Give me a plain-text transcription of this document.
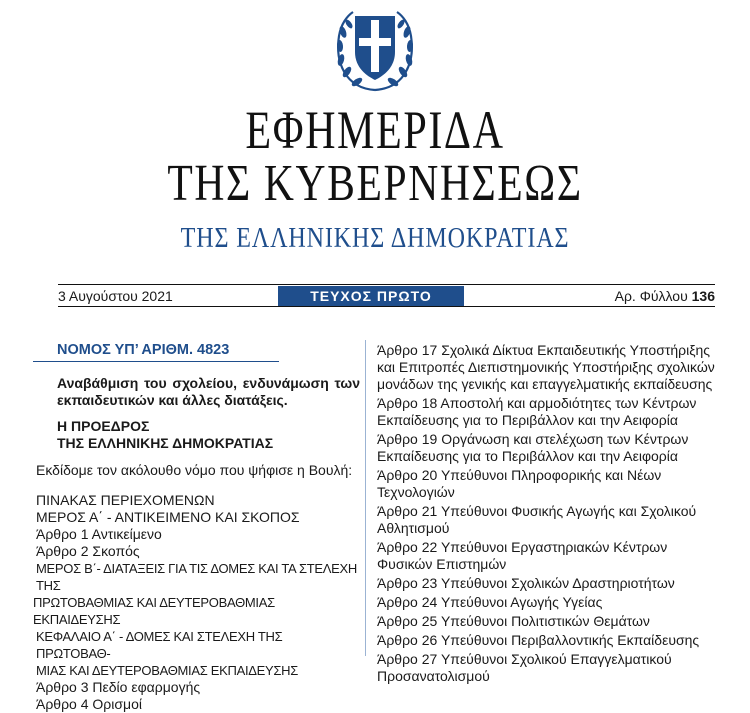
ΕΦΗΜΕΡΙΔΑ
ΤΗΣ ΚΥΒΕΡΝΗΣΕΩΣ
ΤΗΣ ΕΛΛΗΝΙΚΗΣ ΔΗΜΟΚΡΑΤΙΑΣ
3 Αυγούστου 2021	ΤΕΥΧΟΣ ΠΡΩΤΟ	Αρ. Φύλλου 136
ΝΟΜΟΣ ΥΠ’ ΑΡΙΘΜ. 4823
Αναβάθμιση του σχολείου, ενδυνάμωση των εκπαιδευτικών και άλλες διατάξεις.
Η ΠΡΟΕΔΡΟΣ
ΤΗΣ ΕΛΛΗΝΙΚΗΣ ΔΗΜΟΚΡΑΤΙΑΣ
Εκδίδομε τον ακόλουθο νόμο που ψήφισε η Βουλή:
ΠΙΝΑΚΑΣ ΠΕΡΙΕΧΟΜΕΝΩΝ
ΜΕΡΟΣ Α΄ - ΑΝΤΙΚΕΙΜΕΝΟ ΚΑΙ ΣΚΟΠΟΣ
Άρθρο 1 Αντικείμενο
Άρθρο 2 Σκοπός
ΜΕΡΟΣ Β΄- ΔΙΑΤΑΞΕΙΣ ΓΙΑ ΤΙΣ ΔΟΜΕΣ ΚΑΙ ΤΑ ΣΤΕΛΕΧΗ ΤΗΣ
ΠΡΩΤΟΒΑΘΜΙΑΣ ΚΑΙ ΔΕΥΤΕΡΟΒΑΘΜΙΑΣ ΕΚΠΑΙΔΕΥΣΗΣ
ΚΕΦΑΛΑΙΟ Α΄ - ΔΟΜΕΣ ΚΑΙ ΣΤΕΛΕΧΗ ΤΗΣ ΠΡΩΤΟΒΑΘ-
ΜΙΑΣ ΚΑΙ ΔΕΥΤΕΡΟΒΑΘΜΙΑΣ ΕΚΠΑΙΔΕΥΣΗΣ
Άρθρο 3 Πεδίο εφαρμογής
Άρθρο 4 Ορισμοί
Άρθρο 17 Σχολικά Δίκτυα Εκπαιδευτικής Υποστήριξης και Επιτροπές Διεπιστημονικής Υποστήριξης σχολικών μονάδων της γενικής και επαγγελματικής εκπαίδευσης
Άρθρο 18 Αποστολή και αρμοδιότητες των Κέντρων Εκπαίδευσης για το Περιβάλλον και την Αειφορία
Άρθρο 19 Οργάνωση και στελέχωση των Κέντρων Εκπαίδευσης για το Περιβάλλον και την Αειφορία
Άρθρο 20 Υπεύθυνοι Πληροφορικής και Νέων Τεχνολογιών
Άρθρο 21 Υπεύθυνοι Φυσικής Αγωγής και Σχολικού Αθλητισμού
Άρθρο 22 Υπεύθυνοι Εργαστηριακών Κέντρων Φυσικών Επιστημών
Άρθρο 23 Υπεύθυνοι Σχολικών Δραστηριοτήτων
Άρθρο 24 Υπεύθυνοι Αγωγής Υγείας
Άρθρο 25 Υπεύθυνοι Πολιτιστικών Θεμάτων
Άρθρο 26 Υπεύθυνοι Περιβαλλοντικής Εκπαίδευσης
Άρθρο 27 Υπεύθυνοι Σχολικού Επαγγελματικού Προσανατολισμού
